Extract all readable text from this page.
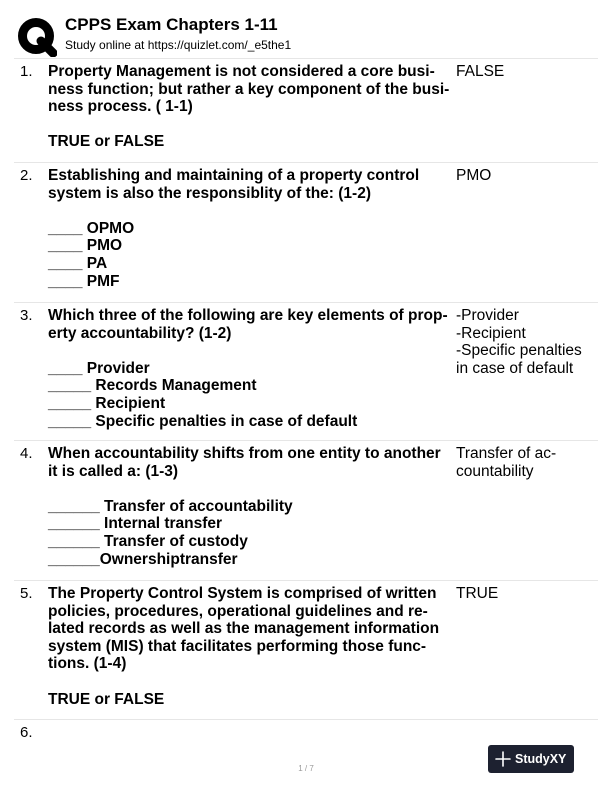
CPPS Exam Chapters 1-11
Study online at https://quizlet.com/_e5the1
1. Property Management is not considered a core busi-

ness function; but rather a key component of the busi-

ness process. ( 1-1)

TRUE or FALSE

FALSE

2. Establishing and maintaining of a property control

system is also the responsiblity of the: (1-2)

____ OPMO

____ PMO

____ PA

____ PMF

PMO

3. Which three of the following are key elements of prop-

erty accountability? (1-2)

____ Provider

_____ Records Management

_____ Recipient

_____ Specific penalties in case of default

-Provider

-Recipient

-Specific penalties

in case of default

4. When accountability shifts from one entity to another

it is called a: (1-3)

______ Transfer of accountability

______ Internal transfer

______ Transfer of custody

______Ownershiptransfer

Transfer of ac-

countability

5. The Property Control System is comprised of written

policies, procedures, operational guidelines and re-

lated records as well as the management information

system (MIS) that facilitates performing those func-

tions. (1-4)

TRUE or FALSE

TRUE

6.
1 / 7
StudyXY
